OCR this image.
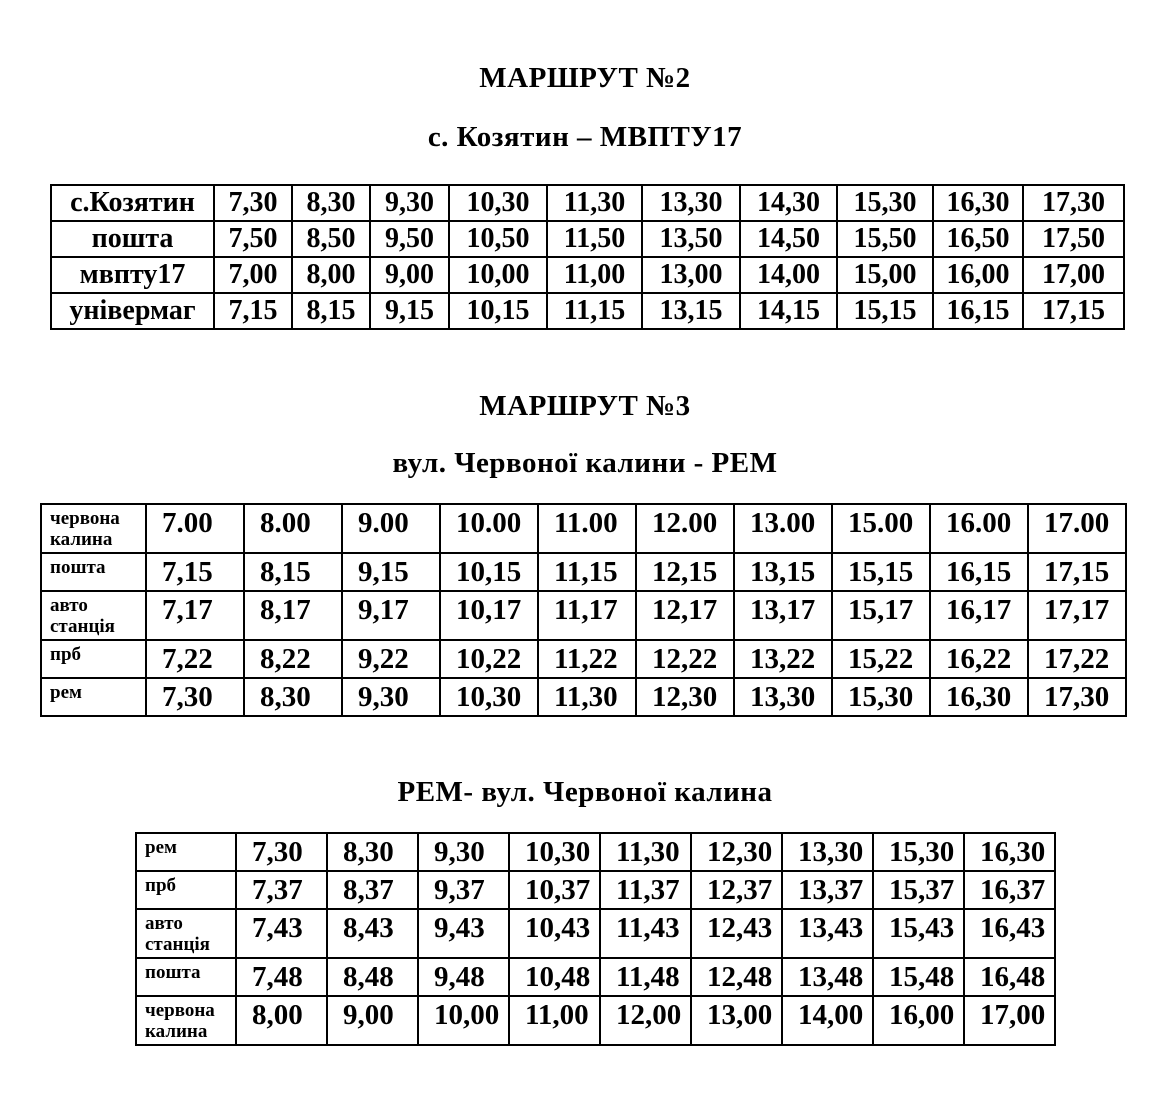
МАРШРУТ №2
с. Козятин – МВПТУ17
с.Козятин	7,30	8,30	9,30	10,30	11,30	13,30	14,30	15,30	16,30	17,30
пошта	7,50	8,50	9,50	10,50	11,50	13,50	14,50	15,50	16,50	17,50
мвпту17	7,00	8,00	9,00	10,00	11,00	13,00	14,00	15,00	16,00	17,00
універмаг	7,15	8,15	9,15	10,15	11,15	13,15	14,15	15,15	16,15	17,15
МАРШРУТ №3
вул. Червоної калини - РЕМ
червона калина	7.00	8.00	9.00	10.00	11.00	12.00	13.00	15.00	16.00	17.00
пошта	7,15	8,15	9,15	10,15	11,15	12,15	13,15	15,15	16,15	17,15
авто станція	7,17	8,17	9,17	10,17	11,17	12,17	13,17	15,17	16,17	17,17
прб	7,22	8,22	9,22	10,22	11,22	12,22	13,22	15,22	16,22	17,22
рем	7,30	8,30	9,30	10,30	11,30	12,30	13,30	15,30	16,30	17,30
РЕМ- вул. Червоної калина
рем	7,30	8,30	9,30	10,30	11,30	12,30	13,30	15,30	16,30
прб	7,37	8,37	9,37	10,37	11,37	12,37	13,37	15,37	16,37
авто станція	7,43	8,43	9,43	10,43	11,43	12,43	13,43	15,43	16,43
пошта	7,48	8,48	9,48	10,48	11,48	12,48	13,48	15,48	16,48
червона калина	8,00	9,00	10,00	11,00	12,00	13,00	14,00	16,00	17,00
